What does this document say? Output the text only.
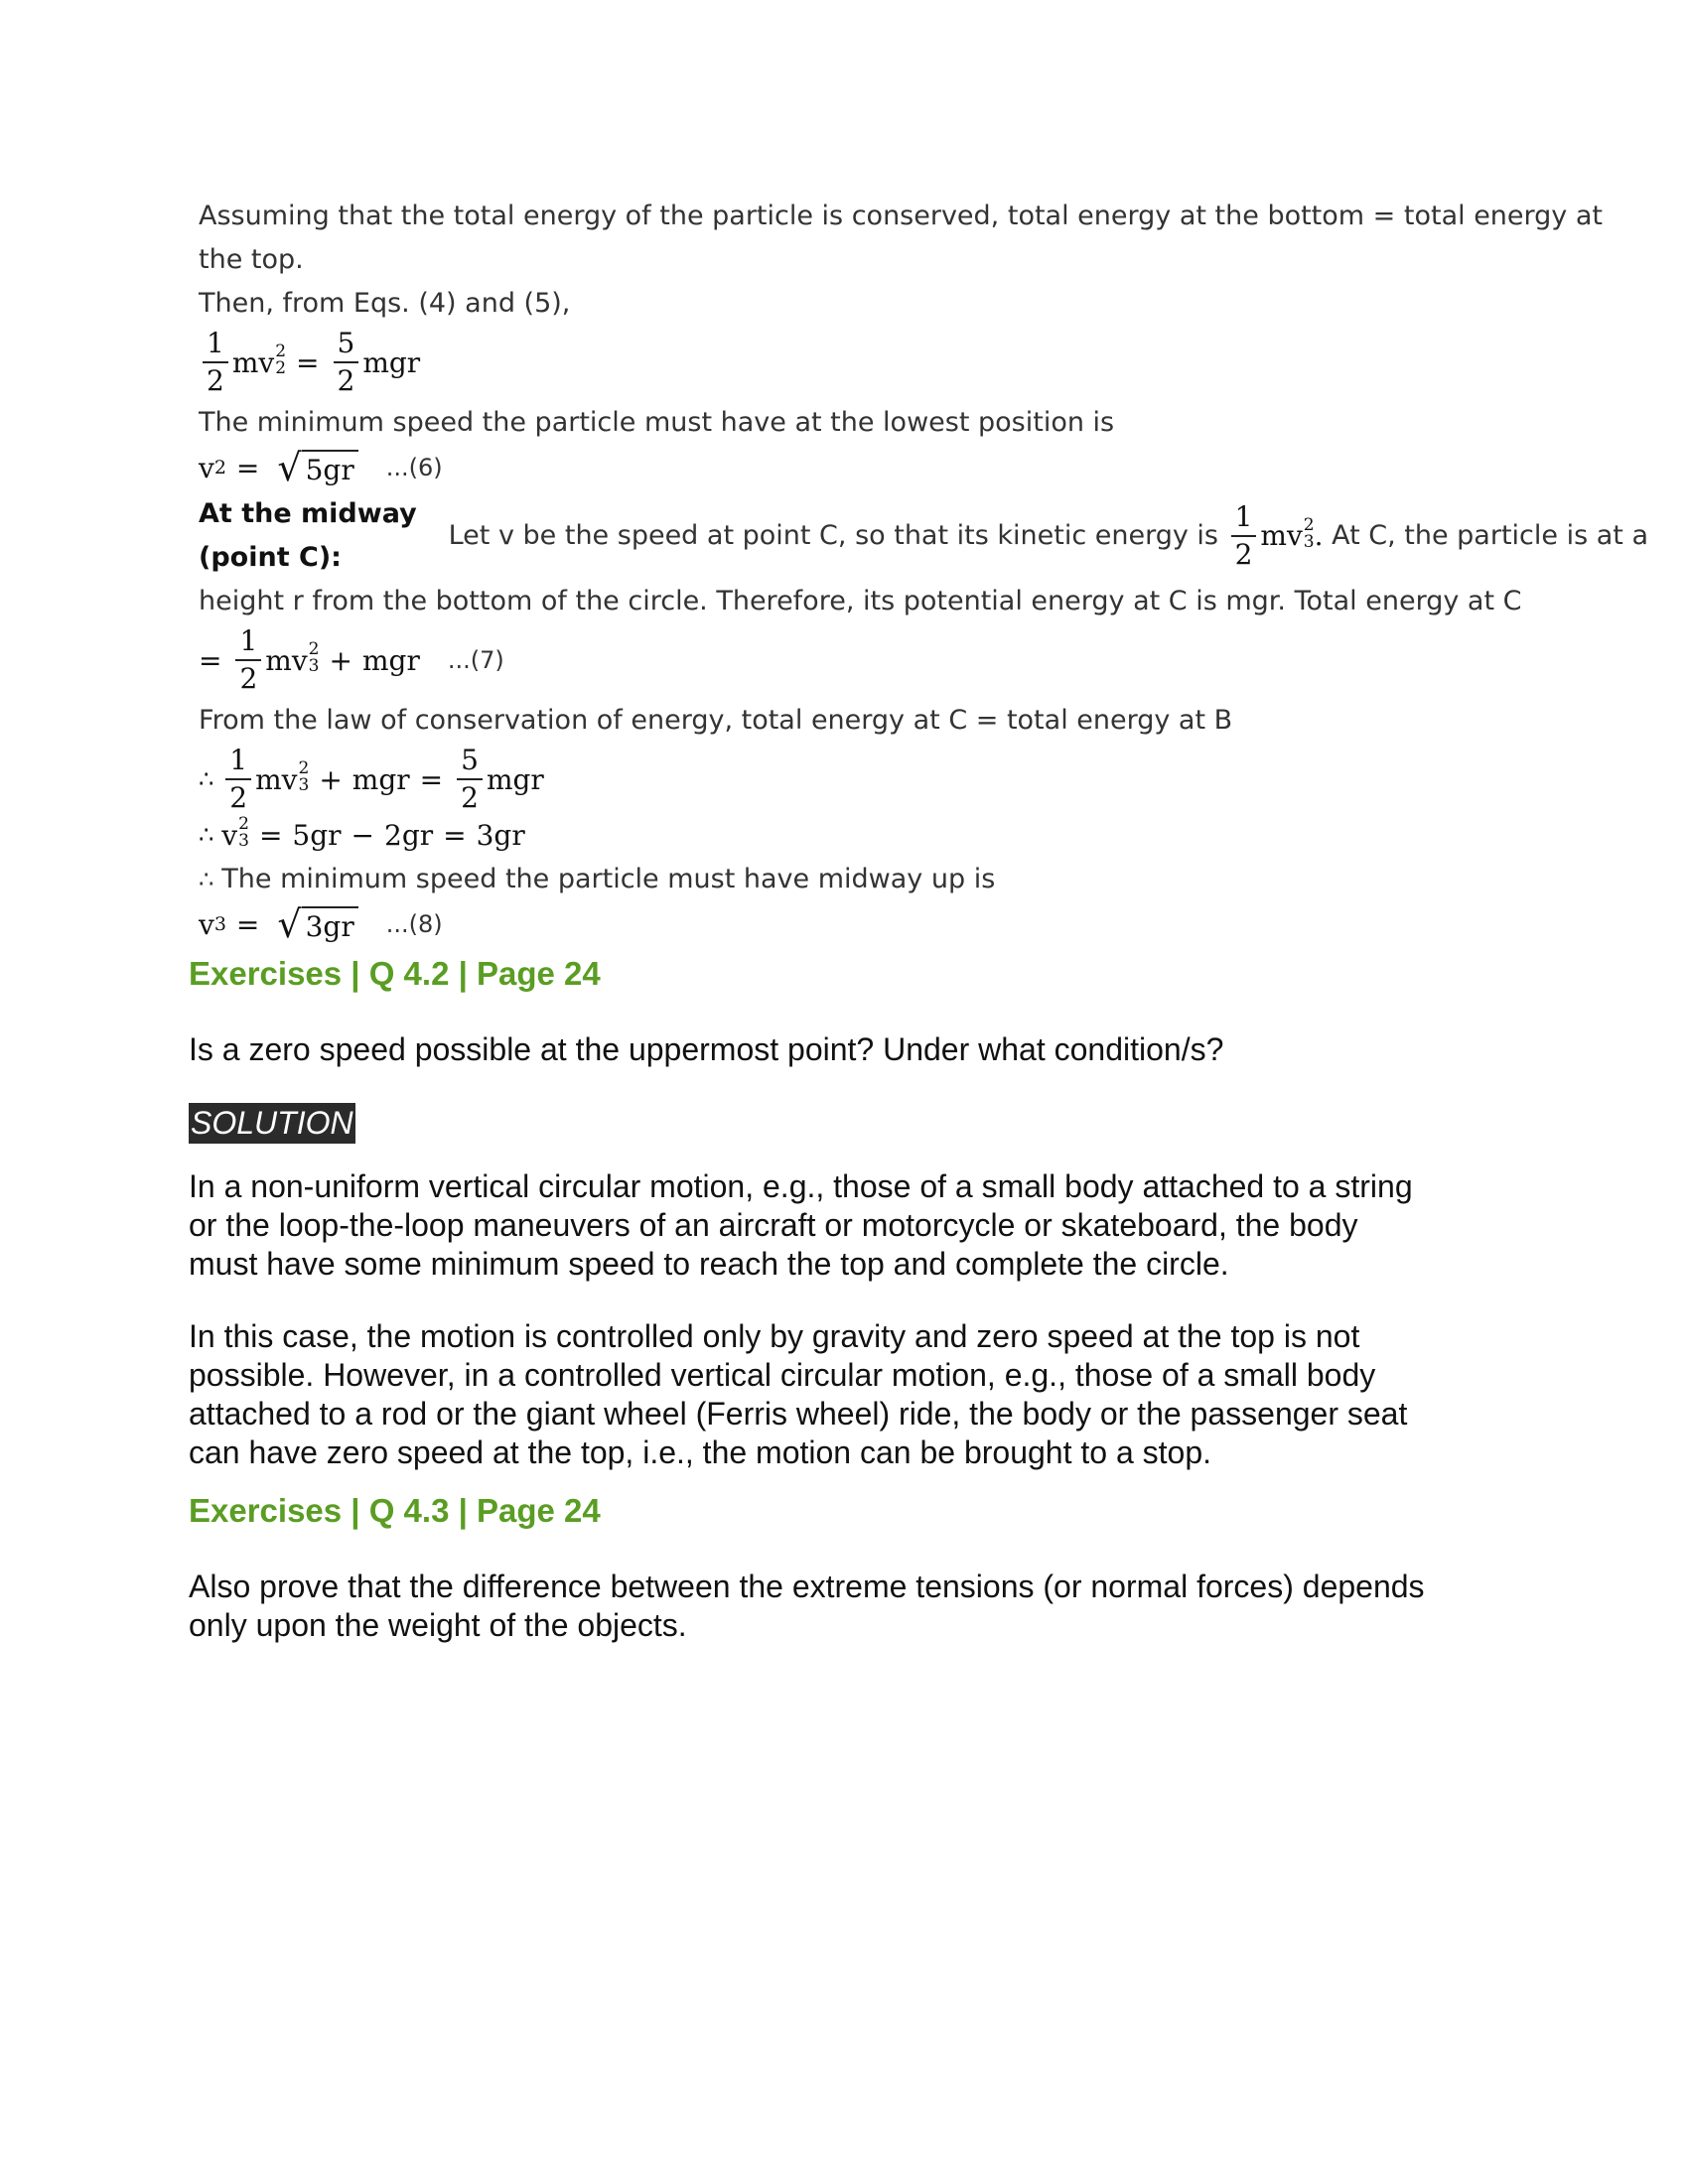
Assuming that the total energy of the particle is conserved, total energy at the bottom = total energy at the top.

Then, from Eqs. (4) and (5),

$\frac{1}{2}$ mv 2
$2 = \frac{5}{2}$ mgr

The minimum speed the particle must have at the lowest position is

v 2 = √ 5gr ...(6)
At the midway (point C):
Let v be the speed at point C, so that its kinetic energy is $\frac{1}{2}$ mv 2
3 . At C, the particle is at a

height r from the bottom of the circle. Therefore, its potential energy at C is mgr. Total energy at C

= $\frac{1}{2}$ mv 2
3 + mgr ...(7)

From the law of conservation of energy, total energy at C = total energy at B

∴ $\frac{1}{2}$ mv 2
3 + mgr = $\frac{5}{2}$ mgr
∴ v 2
3 = 5gr − 2gr = 3gr
∴ The minimum speed the particle must have midway up is
v 3 = √ 3gr ...(8)
Exercises | Q 4.2 | Page 24

Is a zero speed possible at the uppermost point? Under what condition/s?

SOLUTION

In a non-uniform vertical circular motion, e.g., those of a small body attached to a string

or the loop-the-loop maneuvers of an aircraft or motorcycle or skateboard, the body

must have some minimum speed to reach the top and complete the circle.

In this case, the motion is controlled only by gravity and zero speed at the top is not

possible. However, in a controlled vertical circular motion, e.g., those of a small body

attached to a rod or the giant wheel (Ferris wheel) ride, the body or the passenger seat

can have zero speed at the top, i.e., the motion can be brought to a stop.

Exercises | Q 4.3 | Page 24

Also prove that the difference between the extreme tensions (or normal forces) depends

only upon the weight of the objects.
